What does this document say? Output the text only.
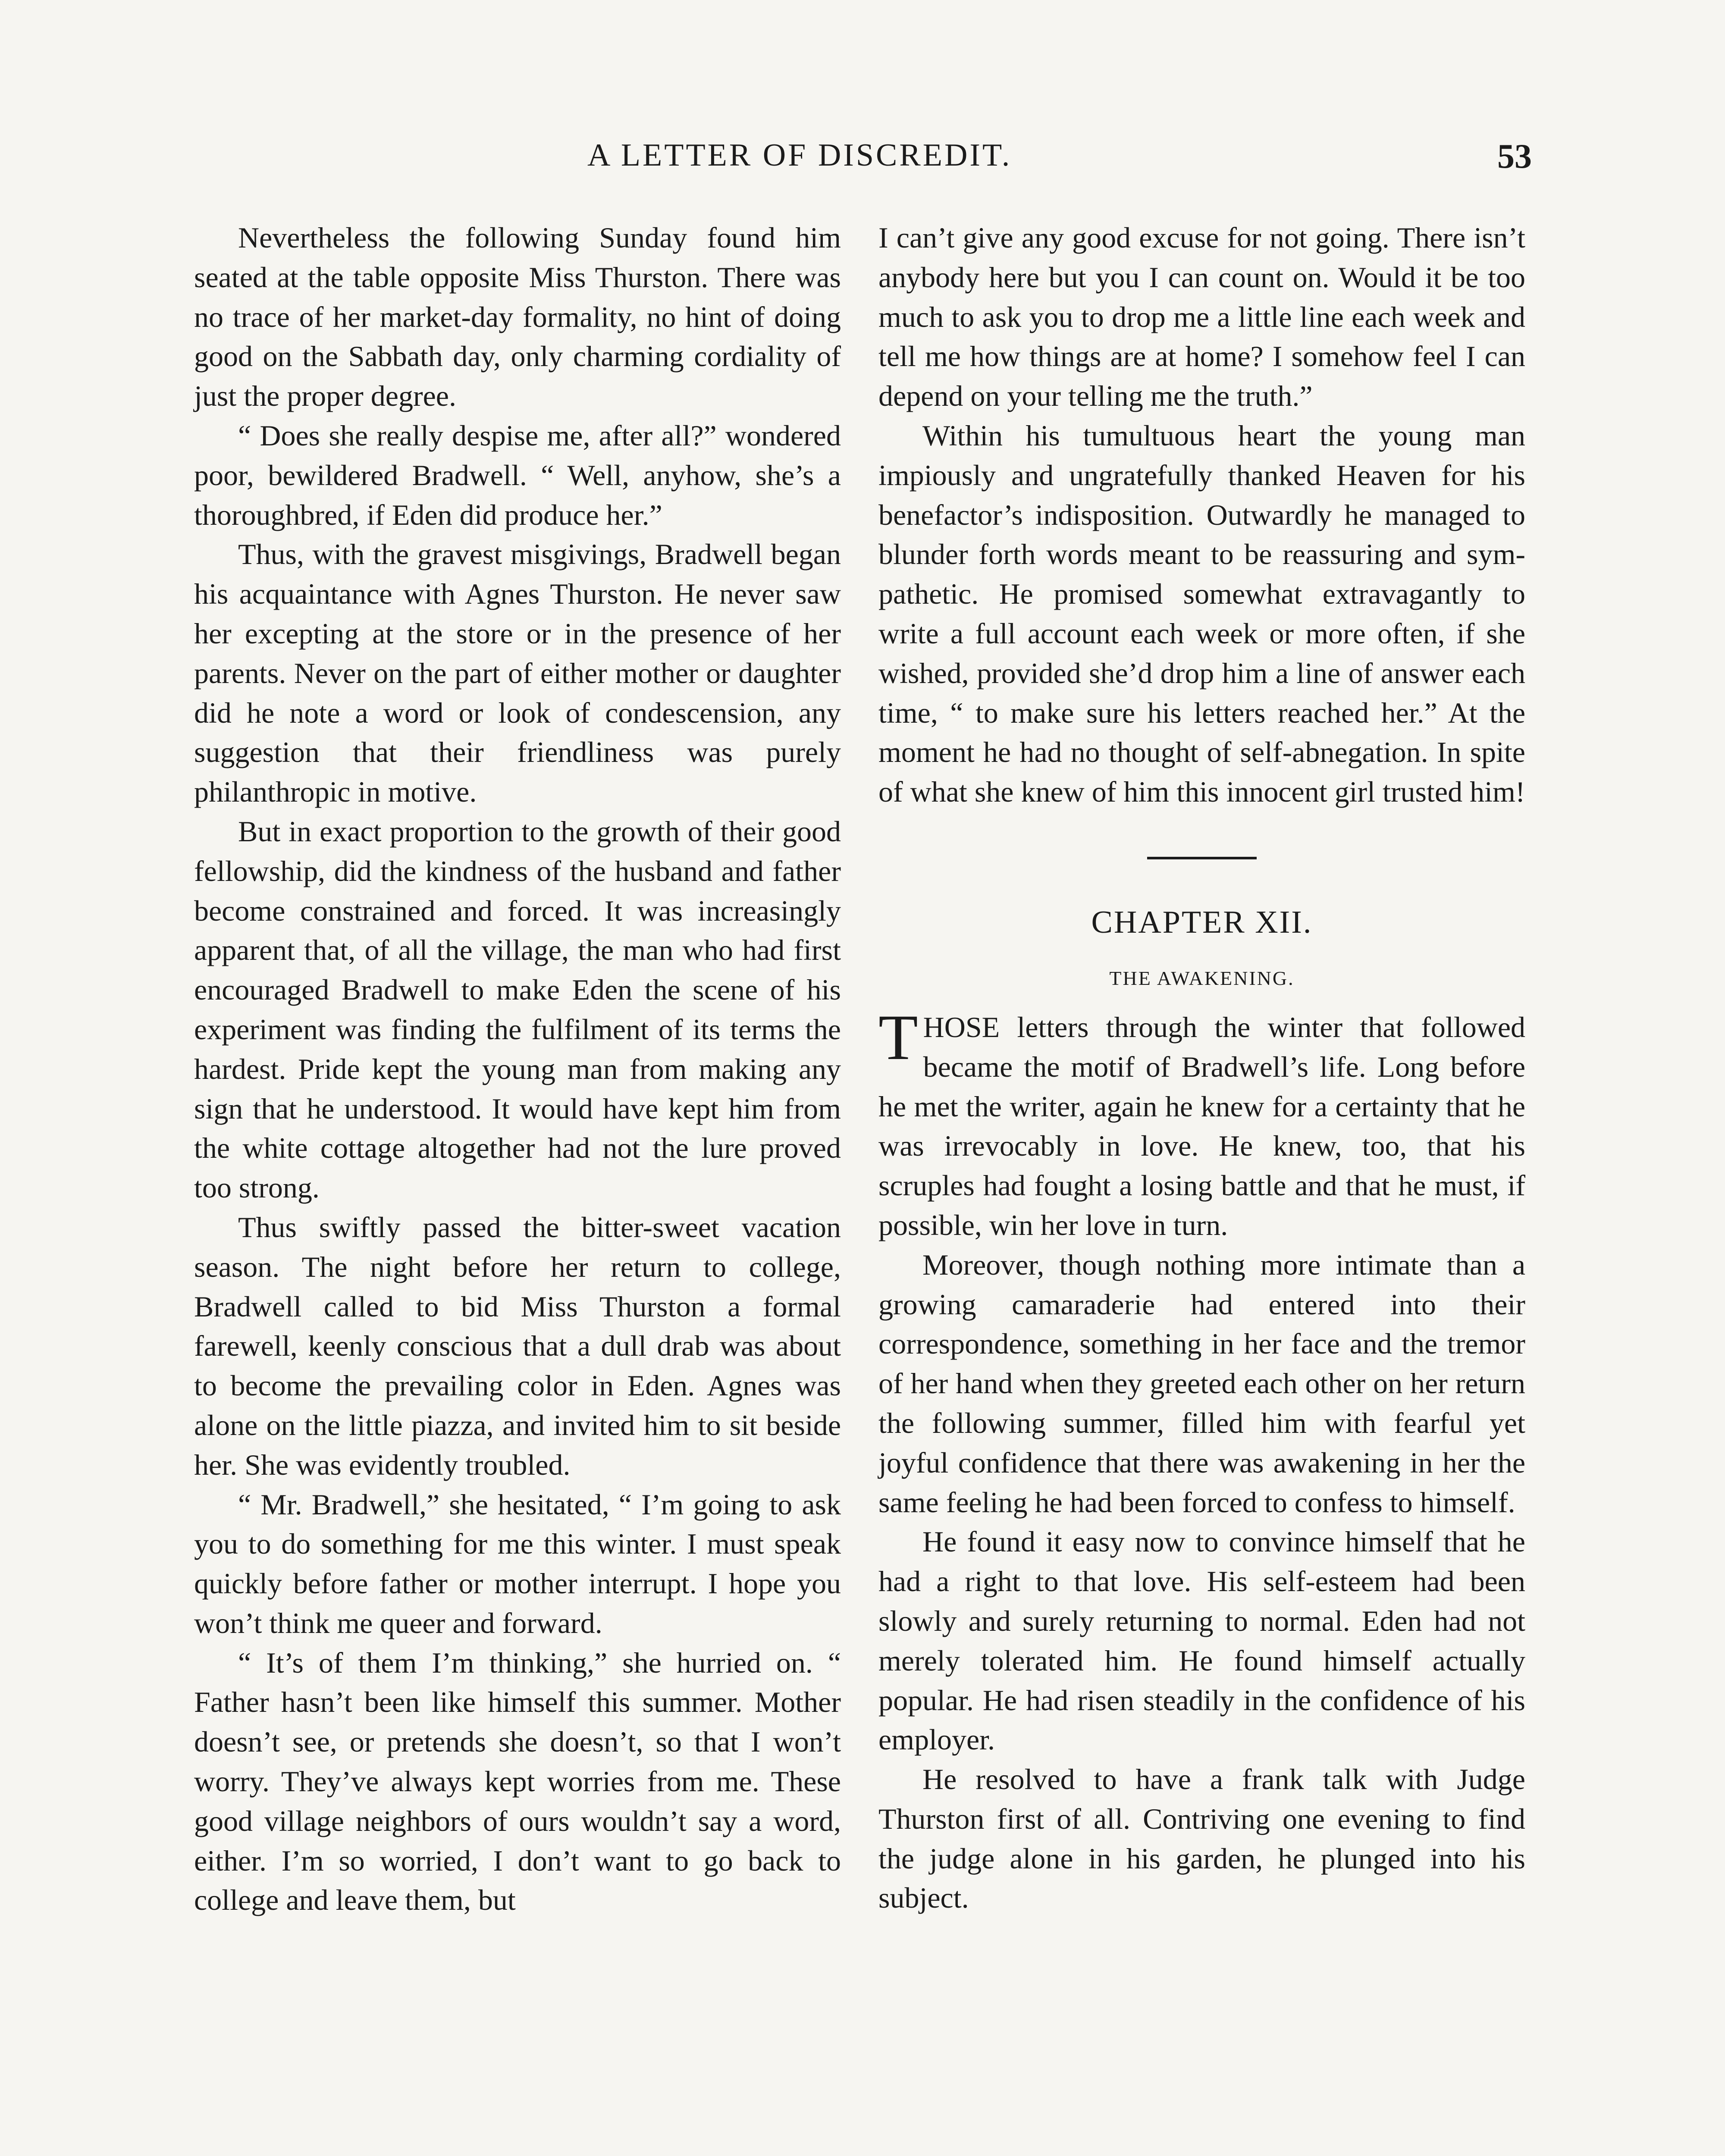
A LETTER OF DISCREDIT.	53

Nevertheless the following Sunday found him seated at the table opposite Miss Thurston. There was no trace of her market-day formality, no hint of doing good on the Sabbath day, only charming cordiality of just the proper degree.

“ Does she really despise me, after all?” wondered poor, bewildered Bradwell. “ Well, anyhow, she’s a thoroughbred, if Eden did produce her.”

Thus, with the gravest misgivings, Bradwell began his acquaintance with Agnes Thurston. He never saw her excepting at the store or in the presence of her parents. Never on the part of either mother or daughter did he note a word or look of condescension, any suggestion that their friendliness was purely philanthropic in motive.

But in exact proportion to the growth of their good fellowship, did the kindness of the husband and father become constrained and forced. It was increasingly apparent that, of all the village, the man who had first encouraged Bradwell to make Eden the scene of his experiment was finding the fulfilment of its terms the hardest. Pride kept the young man from making any sign that he understood. It would have kept him from the white cottage altogether had not the lure proved too strong.

Thus swiftly passed the bitter-sweet vacation season. The night before her return to college, Bradwell called to bid Miss Thurston a formal farewell, keenly conscious that a dull drab was about to become the prevailing color in Eden. Agnes was alone on the little piazza, and invited him to sit beside her. She was evidently troubled.

“ Mr. Bradwell,” she hesitated, “ I’m going to ask you to do something for me this winter. I must speak quickly before father or mother interrupt. I hope you won’t think me queer and forward.

“ It’s of them I’m thinking,” she hurried on. “ Father hasn’t been like himself this summer. Mother doesn’t see, or pretends she doesn’t, so that I won’t worry. They’ve always kept worries from me. These good village neighbors of ours wouldn’t say a word, either. I’m so worried, I don’t want to go back to college and leave them, but

I can’t give any good excuse for not going. There isn’t anybody here but you I can count on. Would it be too much to ask you to drop me a little line each week and tell me how things are at home? I somehow feel I can depend on your telling me the truth.”

Within his tumultuous heart the young man impiously and ungratefully thanked Heaven for his benefactor’s indisposition. Outwardly he managed to blunder forth words meant to be reassuring and sympathetic. He promised somewhat extravagantly to write a full account each week or more often, if she wished, provided she’d drop him a line of answer each time, “ to make sure his letters reached her.” At the moment he had no thought of self-abnegation. In spite of what she knew of him this innocent girl trusted him!

CHAPTER XII.
THE AWAKENING.

THOSE letters through the winter that followed became the motif of Bradwell’s life. Long before he met the writer, again he knew for a certainty that he was irrevocably in love. He knew, too, that his scruples had fought a losing battle and that he must, if possible, win her love in turn.

Moreover, though nothing more intimate than a growing camaraderie had entered into their correspondence, something in her face and the tremor of her hand when they greeted each other on her return the following summer, filled him with fearful yet joyful confidence that there was awakening in her the same feeling he had been forced to confess to himself.

He found it easy now to convince himself that he had a right to that love. His self-esteem had been slowly and surely returning to normal. Eden had not merely tolerated him. He found himself actually popular. He had risen steadily in the confidence of his employer.

He resolved to have a frank talk with Judge Thurston first of all. Contriving one evening to find the judge alone in his garden, he plunged into his subject.
